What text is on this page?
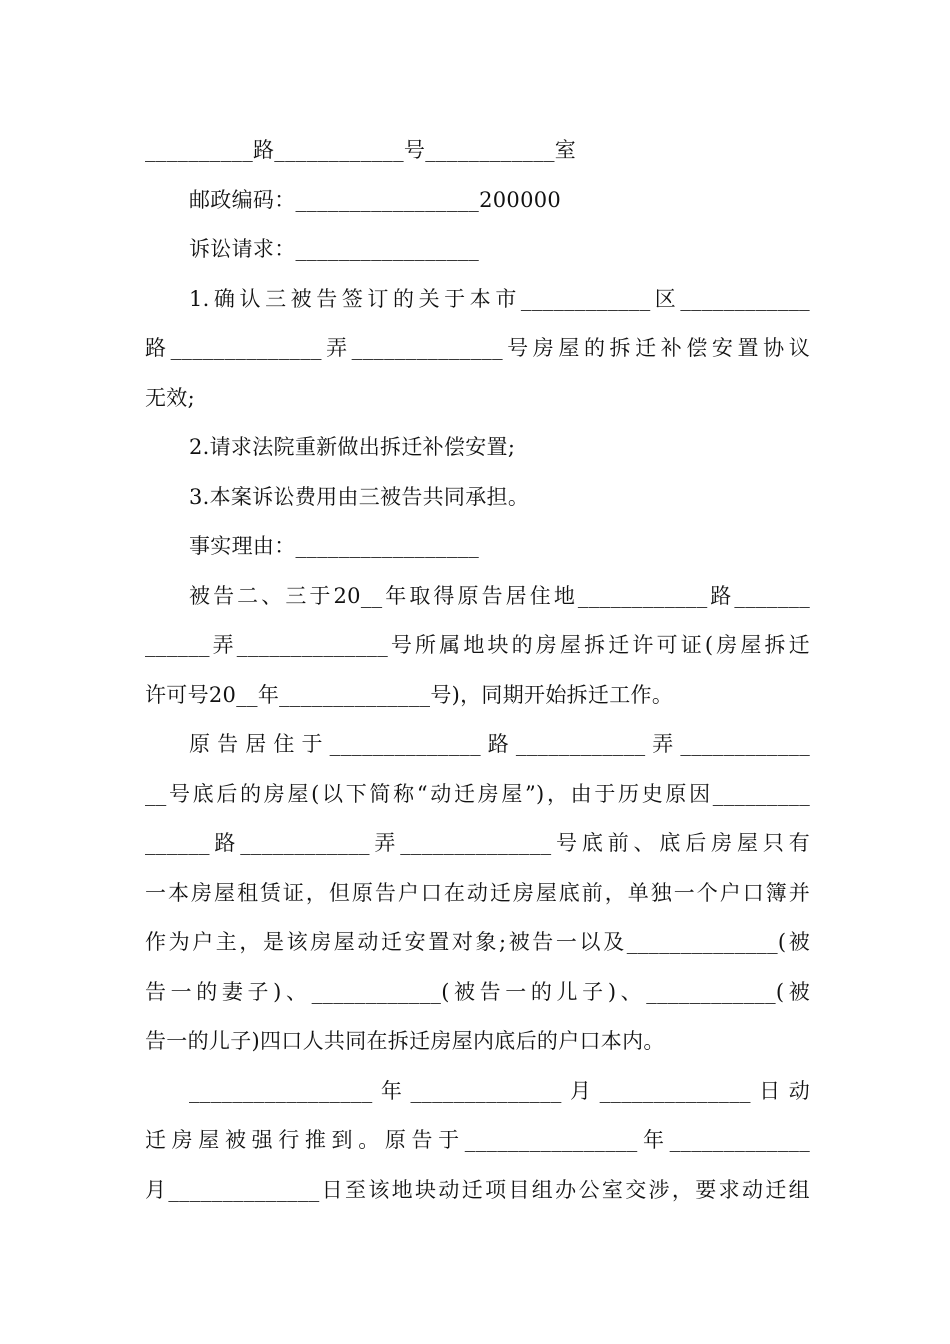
__________路____________号____________室
邮政编码：_________________200000
诉讼请求：_________________
1.确认三被告签订的关于本市____________区____________
路______________弄______________号房屋的拆迁补偿安置协议
无效;
2.请求法院重新做出拆迁补偿安置;
3.本案诉讼费用由三被告共同承担。
事实理由：_________________
被告二、三于20__年取得原告居住地____________路_______
______弄______________号所属地块的房屋拆迁许可证(房屋拆迁
许可号20__年______________号)，同期开始拆迁工作。
原告居住于______________路____________弄____________
__号底后的房屋(以下简称“动迁房屋”)，由于历史原因_________
______路____________弄______________号底前、底后房屋只有
一本房屋租赁证，但原告户口在动迁房屋底前，单独一个户口簿并
作为户主，是该房屋动迁安置对象;被告一以及______________(被
告一的妻子)、____________(被告一的儿子)、____________(被
告一的儿子)四口人共同在拆迁房屋内底后的户口本内。
_________________年______________月______________日动
迁房屋被强行推到。原告于________________年_____________
月______________日至该地块动迁项目组办公室交涉，要求动迁组
